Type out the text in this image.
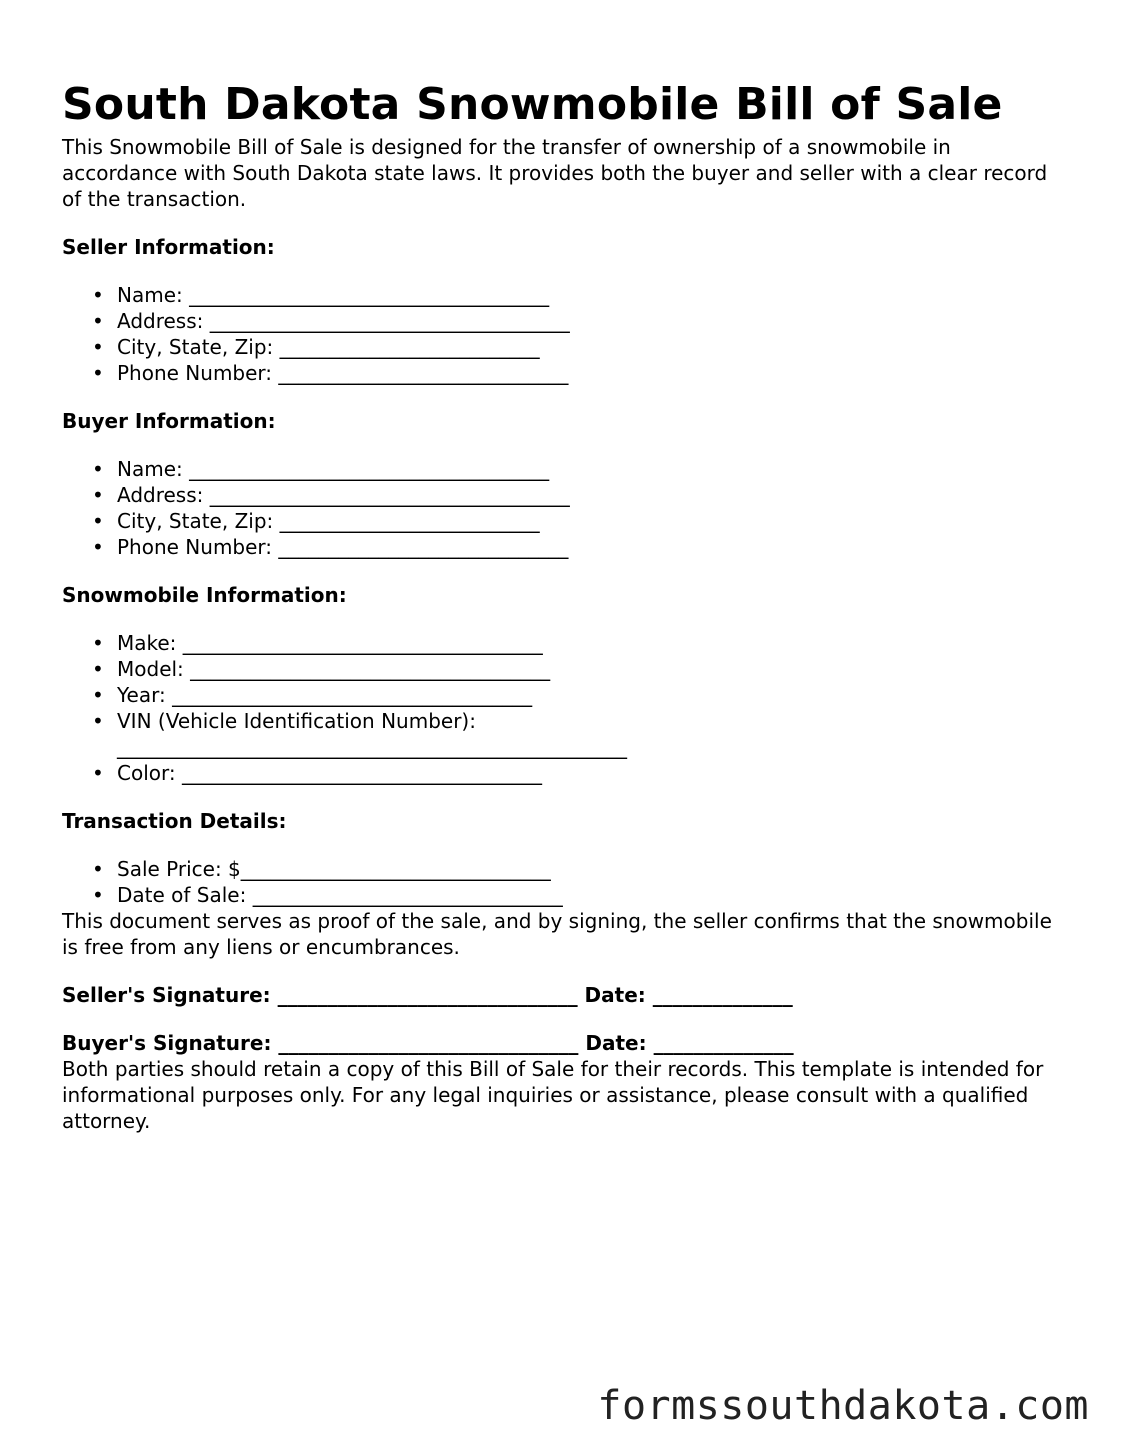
South Dakota Snowmobile Bill of Sale

This Snowmobile Bill of Sale is designed for the transfer of ownership of a snowmobile in accordance with South Dakota state laws. It provides both the buyer and seller with a clear record of the transaction.

Seller Information:

• Name: ____________________________________
• Address: ____________________________________
• City, State, Zip: __________________________
• Phone Number: _____________________________

Buyer Information:

• Name: ____________________________________
• Address: ____________________________________
• City, State, Zip: __________________________
• Phone Number: _____________________________

Snowmobile Information:

• Make: ____________________________________
• Model: ____________________________________
• Year: ____________________________________
• VIN (Vehicle Identification Number):
___________________________________________________
• Color: ____________________________________

Transaction Details:

• Sale Price: $_______________________________
• Date of Sale: _______________________________

This document serves as proof of the sale, and by signing, the seller confirms that the snowmobile is free from any liens or encumbrances.

Seller's Signature: ______________________________ Date: ______________

Buyer's Signature: ______________________________ Date: ______________

Both parties should retain a copy of this Bill of Sale for their records. This template is intended for informational purposes only. For any legal inquiries or assistance, please consult with a qualified attorney.

formssouthdakota.com
